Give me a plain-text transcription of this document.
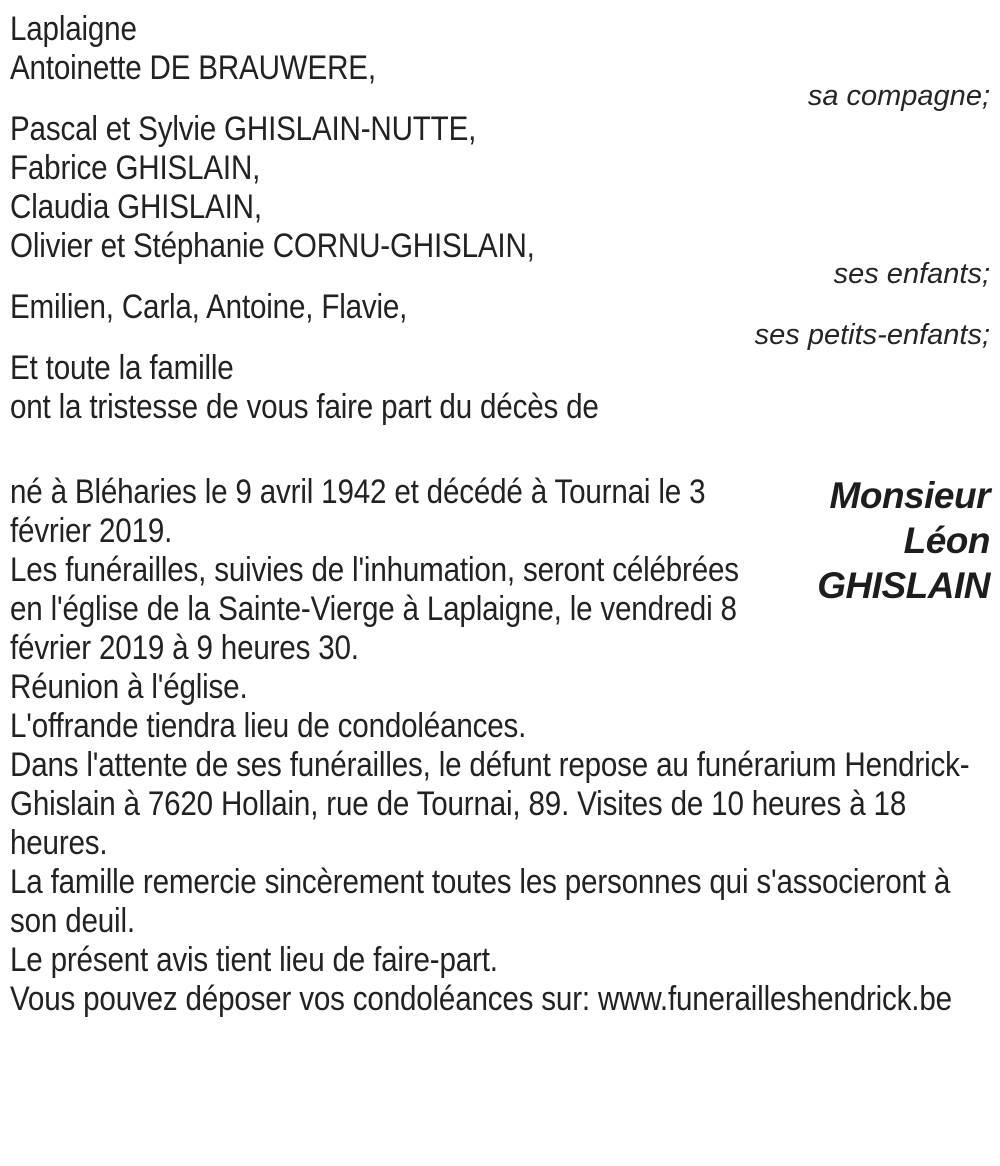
Laplaigne

Antoinette DE BRAUWERE,

sa compagne;

Pascal et Sylvie GHISLAIN-NUTTE,

Fabrice GHISLAIN,

Claudia GHISLAIN,

Olivier et Stéphanie CORNU-GHISLAIN,

ses enfants;

Emilien, Carla, Antoine, Flavie,

ses petits-enfants;

Et toute la famille

ont la tristesse de vous faire part du décès de

né à Bléharies le 9 avril 1942 et décédé à Tournai le 3 février 2019.

Les funérailles, suivies de l'inhumation, seront célébrées en l'église de la Sainte-Vierge à Laplaigne, le vendredi 8 février 2019 à 9 heures 30.

Monsieur

Léon

GHISLAIN

Réunion à l'église.

L'offrande tiendra lieu de condoléances.

Dans l'attente de ses funérailles, le défunt repose au funérarium Hendrick-Ghislain à 7620 Hollain, rue de Tournai, 89. Visites de 10 heures à 18 heures.

La famille remercie sincèrement toutes les personnes qui s'associeront à son deuil.

Le présent avis tient lieu de faire-part.

Vous pouvez déposer vos condoléances sur: www.funerailleshendrick.be
